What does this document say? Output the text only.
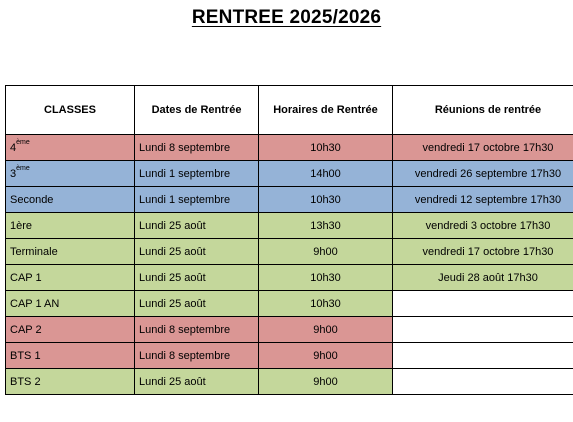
RENTREE 2025/2026
CLASSES	Dates de Rentrée	Horaires de Rentrée	Réunions de rentrée
4ème	Lundi 8 septembre	10h30	vendredi 17 octobre 17h30
3ème	Lundi 1 septembre	14h00	vendredi 26 septembre 17h30
Seconde	Lundi 1 septembre	10h30	vendredi 12 septembre 17h30
1ère	Lundi 25 août	13h30	vendredi 3 octobre 17h30
Terminale	Lundi 25 août	9h00	vendredi 17 octobre 17h30
CAP 1	Lundi 25 août	10h30	Jeudi 28 août 17h30
CAP 1 AN	Lundi 25 août	10h30	
CAP 2	Lundi 8 septembre	9h00	
BTS 1	Lundi 8 septembre	9h00	
BTS 2	Lundi 25 août	9h00	
